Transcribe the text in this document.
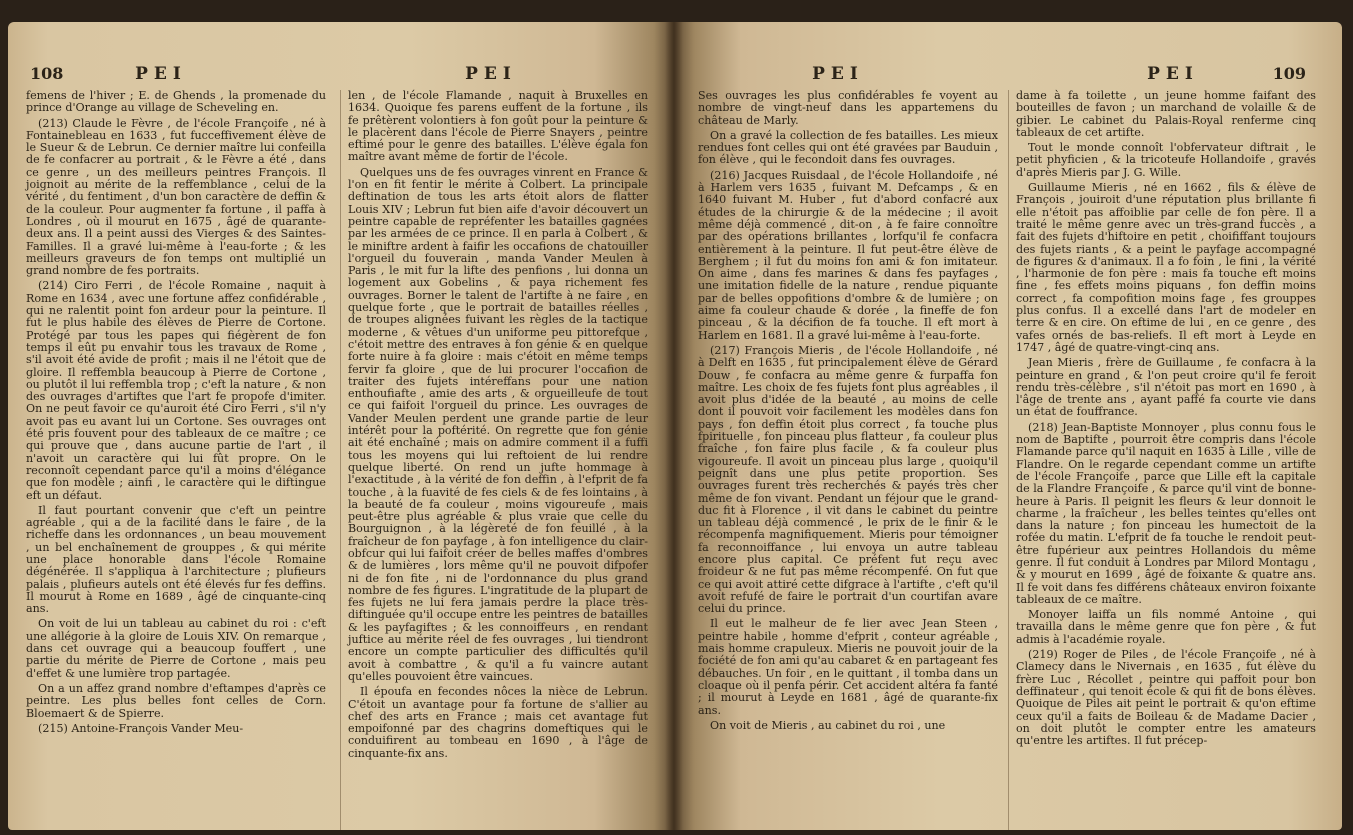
108	PEI	PEI

femens de l'hiver ; E. de Ghends , la promenade du prince d'Orange au village de Scheveling en.

(213) Claude le Fèvre , de l'école Françoife , né à Fontainebleau en 1633 , fut fucceffivement élève de le Sueur & de Lebrun. Ce dernier maître lui confeilla de fe confacrer au portrait , & le Fèvre a été , dans ce genre , un des meilleurs peintres François. Il joignoit au mérite de la reffemblance , celui de la vérité , du fentiment , d'un bon caractère de deffin & de la couleur. Pour augmenter fa fortune , il paffa à Londres , où il mourut en 1675 , âgé de quarante-deux ans. Il a peint aussi des Vierges & des Saintes-Familles. Il a gravé lui-même à l'eau-forte ; & les meilleurs graveurs de fon temps ont multiplié un grand nombre de fes portraits.

(214) Ciro Ferri , de l'école Romaine , naquit à Rome en 1634 , avec une fortune affez confidérable , qui ne ralentit point fon ardeur pour la peinture. Il fut le plus habile des élèves de Pierre de Cortone. Protégé par tous les papes qui fiégèrent de fon temps il eût pu envahir tous les travaux de Rome , s'il avoit été avide de profit ; mais il ne l'étoit que de gloire. Il reffembla beaucoup à Pierre de Cortone , ou plutôt il lui reffembla trop ; c'eft la nature , & non des ouvrages d'artiftes que l'art fe propofe d'imiter. On ne peut favoir ce qu'auroit été Ciro Ferri , s'il n'y avoit pas eu avant lui un Cortone. Ses ouvrages ont été pris fouvent pour des tableaux de ce maître ; ce qui prouve que , dans aucune partie de l'art , il n'avoit un caractère qui lui fût propre. On le reconnoît cependant parce qu'il a moins d'élégance que fon modèle ; ainfi , le caractère qui le diftingue eft un défaut.

Il faut pourtant convenir que c'eft un peintre agréable , qui a de la facilité dans le faire , de la richeffe dans les ordonnances , un beau mouvement , un bel enchaînement de grouppes , & qui mérite une place honorable dans l'école Romaine dégénérée. Il s'appliqua à l'architecture ; plufieurs palais , plufieurs autels ont été élevés fur fes deffins. Il mourut à Rome en 1689 , âgé de cinquante-cinq ans.

On voit de lui un tableau au cabinet du roi : c'eft une allégorie à la gloire de Louis XIV. On remarque , dans cet ouvrage qui a beaucoup fouffert , une partie du mérite de Pierre de Cortone , mais peu d'effet & une lumière trop partagée.

On a un affez grand nombre d'eftampes d'après ce peintre. Les plus belles font celles de Corn. Bloemaert & de Spierre.

(215) Antoine-François Vander Meu-

len , de l'école Flamande , naquit à Bruxelles en 1634. Quoique fes parens euffent de la fortune , ils fe prêtèrent volontiers à fon goût pour la peinture & le placèrent dans l'école de Pierre Snayers , peintre eftimé pour le genre des batailles. L'élève égala fon maître avant même de fortir de l'école.

Quelques uns de fes ouvrages vinrent en France & l'on en fit fentir le mérite à Colbert. La principale deftination de tous les arts étoit alors de flatter Louis XIV ; Lebrun fut bien aife d'avoir découvert un peintre capable de repréfenter les batailles gagnées par les armées de ce prince. Il en parla à Colbert , & le miniftre ardent à faifir les occafions de chatouiller l'orgueil du fouverain , manda Vander Meulen à Paris , le mit fur la lifte des penfions , lui donna un logement aux Gobelins , & paya richement fes ouvrages. Borner le talent de l'artifte à ne faire , en quelque forte , que le portrait de batailles réelles , de troupes alignées fuivant les règles de la tactique moderne , & vêtues d'un uniforme peu pittorefque , c'étoit mettre des entraves à fon génie & en quelque forte nuire à fa gloire : mais c'étoit en même temps fervir fa gloire , que de lui procurer l'occafion de traiter des fujets intéreffans pour une nation enthoufiafte , amie des arts , & orgueilleufe de tout ce qui faifoit l'orgueil du prince. Les ouvrages de Vander Meulen perdent une grande partie de leur intérêt pour la poftérité. On regrette que fon génie ait été enchaîné ; mais on admire comment il a fuffi tous les moyens qui lui reftoient de lui rendre quelque liberté. On rend un jufte hommage à l'exactitude , à la vérité de fon deffin , à l'efprit de fa touche , à la fuavité de fes ciels & de fes lointains , à la beauté de fa couleur , moins vigoureufe , mais peut-être plus agréable & plus vraie que celle du Bourguignon , à la légèreté de fon feuillé , à la fraîcheur de fon payfage , à fon intelligence du clair-obfcur qui lui faifoit créer de belles maffes d'ombres & de lumières , lors même qu'il ne pouvoit difpofer ni de fon fite , ni de l'ordonnance du plus grand nombre de fes figures. L'ingratitude de la plupart de fes fujets ne lui fera jamais perdre la place très-diftinguée qu'il occupe entre les peintres de batailles & les payfagiftes ; & les connoiffeurs , en rendant juftice au mérite réel de fes ouvrages , lui tiendront encore un compte particulier des difficultés qu'il avoit à combattre , & qu'il a fu vaincre autant qu'elles pouvoient être vaincues.

Il époufa en fecondes nôces la nièce de Lebrun. C'étoit un avantage pour fa fortune de s'allier au chef des arts en France ; mais cet avantage fut empoifonné par des chagrins domeftiques qui le conduifirent au tombeau en 1690 , à l'âge de cinquante-fix ans.

PEI	PEI	109

Ses ouvrages les plus confidérables fe voyent au nombre de vingt-neuf dans les appartemens du château de Marly.

On a gravé la collection de fes batailles. Les mieux rendues font celles qui ont été gravées par Bauduin , fon élève , qui le fecondoit dans fes ouvrages.

(216) Jacques Ruisdaal , de l'école Hollandoife , né à Harlem vers 1635 , fuivant M. Defcamps , & en 1640 fuivant M. Huber , fut d'abord confacré aux études de la chirurgie & de la médecine ; il avoit même déjà commencé , dit-on , à fe faire connoître par des opérations brillantes , lorfqu'il fe confacra entièrement à la peinture. Il fut peut-être élève de Berghem ; il fut du moins fon ami & fon imitateur. On aime , dans fes marines & dans fes payfages , une imitation fidelle de la nature , rendue piquante par de belles oppofitions d'ombre & de lumière ; on aime fa couleur chaude & dorée , la fineffe de fon pinceau , & la décifion de fa touche. Il eft mort à Harlem en 1681. Il a gravé lui-même à l'eau-forte.

(217) François Mieris , de l'école Hollandoife , né à Delft en 1635 , fut principalement élève de Gérard Douw , fe confacra au même genre & furpaffa fon maître. Les choix de fes fujets font plus agréables , il avoit plus d'idée de la beauté , au moins de celle dont il pouvoit voir facilement les modèles dans fon pays , fon deffin étoit plus correct , fa touche plus fpirituelle , fon pinceau plus flatteur , fa couleur plus fraîche , fon faire plus facile , & fa couleur plus vigoureufe. Il avoit un pinceau plus large , quoiqu'il peignît dans une plus petite proportion. Ses ouvrages furent très recherchés & payés très cher même de fon vivant. Pendant un féjour que le grand-duc fit à Florence , il vit dans le cabinet du peintre un tableau déjà commencé , le prix de le finir & le récompenfa magnifiquement. Mieris pour témoigner fa reconnoiffance , lui envoya un autre tableau encore plus capital. Ce préfent fut reçu avec froideur & ne fut pas même récompenfé. On fut que ce qui avoit attiré cette difgrace à l'artifte , c'eft qu'il avoit refufé de faire le portrait d'un courtifan avare celui du prince.

Il eut le malheur de fe lier avec Jean Steen , peintre habile , homme d'efprit , conteur agréable , mais homme crapuleux. Mieris ne pouvoit jouir de la fociété de fon ami qu'au cabaret & en partageant fes débauches. Un foir , en le quittant , il tomba dans un cloaque où il penfa périr. Cet accident altéra fa fanté ; il mourut à Leyde en 1681 , âgé de quarante-fix ans.

On voit de Mieris , au cabinet du roi , une

dame à fa toilette , un jeune homme faifant des bouteilles de favon ; un marchand de volaille & de gibier. Le cabinet du Palais-Royal renferme cinq tableaux de cet artifte.

Tout le monde connoît l'obfervateur diftrait , le petit phyficien , & la tricoteufe Hollandoife , gravés d'après Mieris par J. G. Wille.

Guillaume Mieris , né en 1662 , fils & élève de François , jouiroit d'une réputation plus brillante fi elle n'étoit pas affoiblie par celle de fon père. Il a traité le même genre avec un très-grand fuccès , a fait des fujets d'hiftoire en petit , choififfant toujours des fujets riants , & a peint le payfage accompagné de figures & d'animaux. Il a fo foin , le fini , la vérité , l'harmonie de fon père : mais fa touche eft moins fine , fes effets moins piquans , fon deffin moins correct , fa compofition moins fage , fes grouppes plus confus. Il a excellé dans l'art de modeler en terre & en cire. On eftime de lui , en ce genre , des vafes ornés de bas-reliefs. Il eft mort à Leyde en 1747 , âgé de quatre-vingt-cinq ans.

Jean Mieris , frère de Guillaume , fe confacra à la peinture en grand , & l'on peut croire qu'il fe feroit rendu très-célèbre , s'il n'étoit pas mort en 1690 , à l'âge de trente ans , ayant paffé fa courte vie dans un état de fouffrance.

(218) Jean-Baptiste Monnoyer , plus connu fous le nom de Baptifte , pourroit être compris dans l'école Flamande parce qu'il naquit en 1635 à Lille , ville de Flandre. On le regarde cependant comme un artifte de l'école Françoife , parce que Lille eft la capitale de la Flandre Françoife , & parce qu'il vint de bonne-heure à Paris. Il peignit les fleurs & leur donnoit le charme , la fraîcheur , les belles teintes qu'elles ont dans la nature ; fon pinceau les humectoit de la rofée du matin. L'efprit de fa touche le rendoit peut-être fupérieur aux peintres Hollandois du même genre. Il fut conduit à Londres par Milord Montagu , & y mourut en 1699 , âgé de foixante & quatre ans. Il fe voit dans fes différens châteaux environ foixante tableaux de ce maître.

Monoyer laiffa un fils nommé Antoine , qui travailla dans le même genre que fon père , & fut admis à l'académie royale.

(219) Roger de Piles , de l'école Françoife , né à Clamecy dans le Nivernais , en 1635 , fut élève du frère Luc , Récollet , peintre qui paffoit pour bon deffinateur , qui tenoit école & qui fit de bons élèves. Quoique de Piles ait peint le portrait & qu'on eftime ceux qu'il a faits de Boileau & de Madame Dacier , on doit plutôt le compter entre les amateurs qu'entre les artiftes. Il fut précep-
